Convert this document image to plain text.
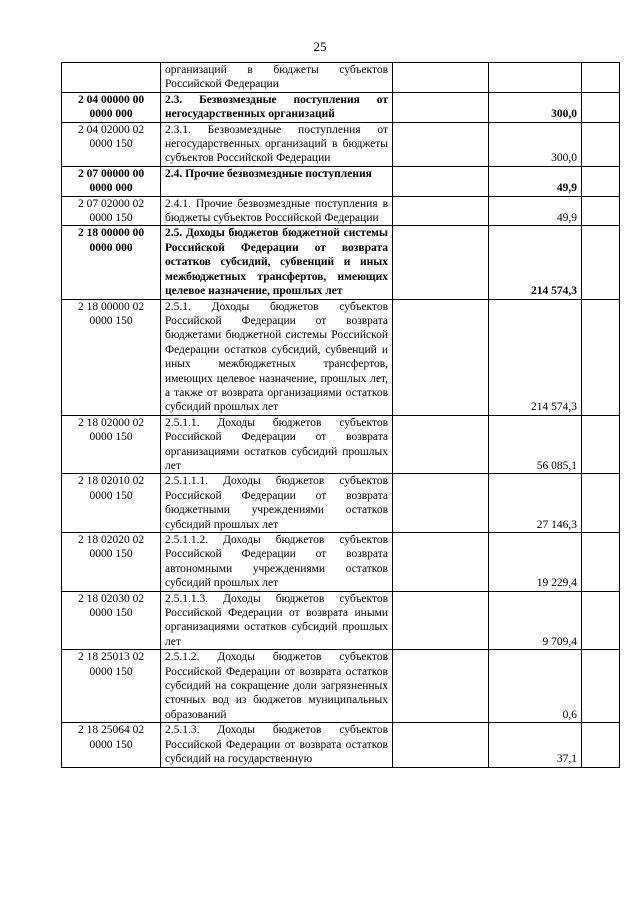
25
	организаций в бюджеты субъектов Российской Федерации			
2 04 00000 00 0000 000	2.3. Безвозмездные поступления от негосударственных организаций		300,0	
2 04 02000 02 0000 150	2.3.1. Безвозмездные поступления от негосударственных организаций в бюджеты субъектов Российской Федерации		300,0	
2 07 00000 00 0000 000	2.4. Прочие безвозмездные поступления		49,9	
2 07 02000 02 0000 150	2.4.1. Прочие безвозмездные поступления в бюджеты субъектов Российской Федерации		49,9	
2 18 00000 00 0000 000	2.5. Доходы бюджетов бюджетной системы Российской Федерации от возврата остатков субсидий, субвенций и иных межбюджетных трансфертов, имеющих целевое назначение, прошлых лет		214 574,3	
2 18 00000 02 0000 150	2.5.1. Доходы бюджетов субъектов Российской Федерации от возврата бюджетами бюджетной системы Российской Федерации остатков субсидий, субвенций и иных межбюджетных трансфертов, имеющих целевое назначение, прошлых лет, а также от возврата организациями остатков субсидий прошлых лет		214 574,3	
2 18 02000 02 0000 150	2.5.1.1. Доходы бюджетов субъектов Российской Федерации от возврата организациями остатков субсидий прошлых лет		56 085,1	
2 18 02010 02 0000 150	2.5.1.1.1. Доходы бюджетов субъектов Российской Федерации от возврата бюджетными учреждениями остатков субсидий прошлых лет		27 146,3	
2 18 02020 02 0000 150	2.5.1.1.2. Доходы бюджетов субъектов Российской Федерации от возврата автономными учреждениями остатков субсидий прошлых лет		19 229,4	
2 18 02030 02 0000 150	2.5.1.1.3. Доходы бюджетов субъектов Российской Федерации от возврата иными организациями остатков субсидий прошлых лет		9 709,4	
2 18 25013 02 0000 150	2.5.1.2. Доходы бюджетов субъектов Российской Федерации от возврата остатков субсидий на сокращение доли загрязненных сточных вод из бюджетов муниципальных образований		0,6	
2 18 25064 02 0000 150	2.5.1.3. Доходы бюджетов субъектов Российской Федерации от возврата остатков субсидий на государственную		37,1	
